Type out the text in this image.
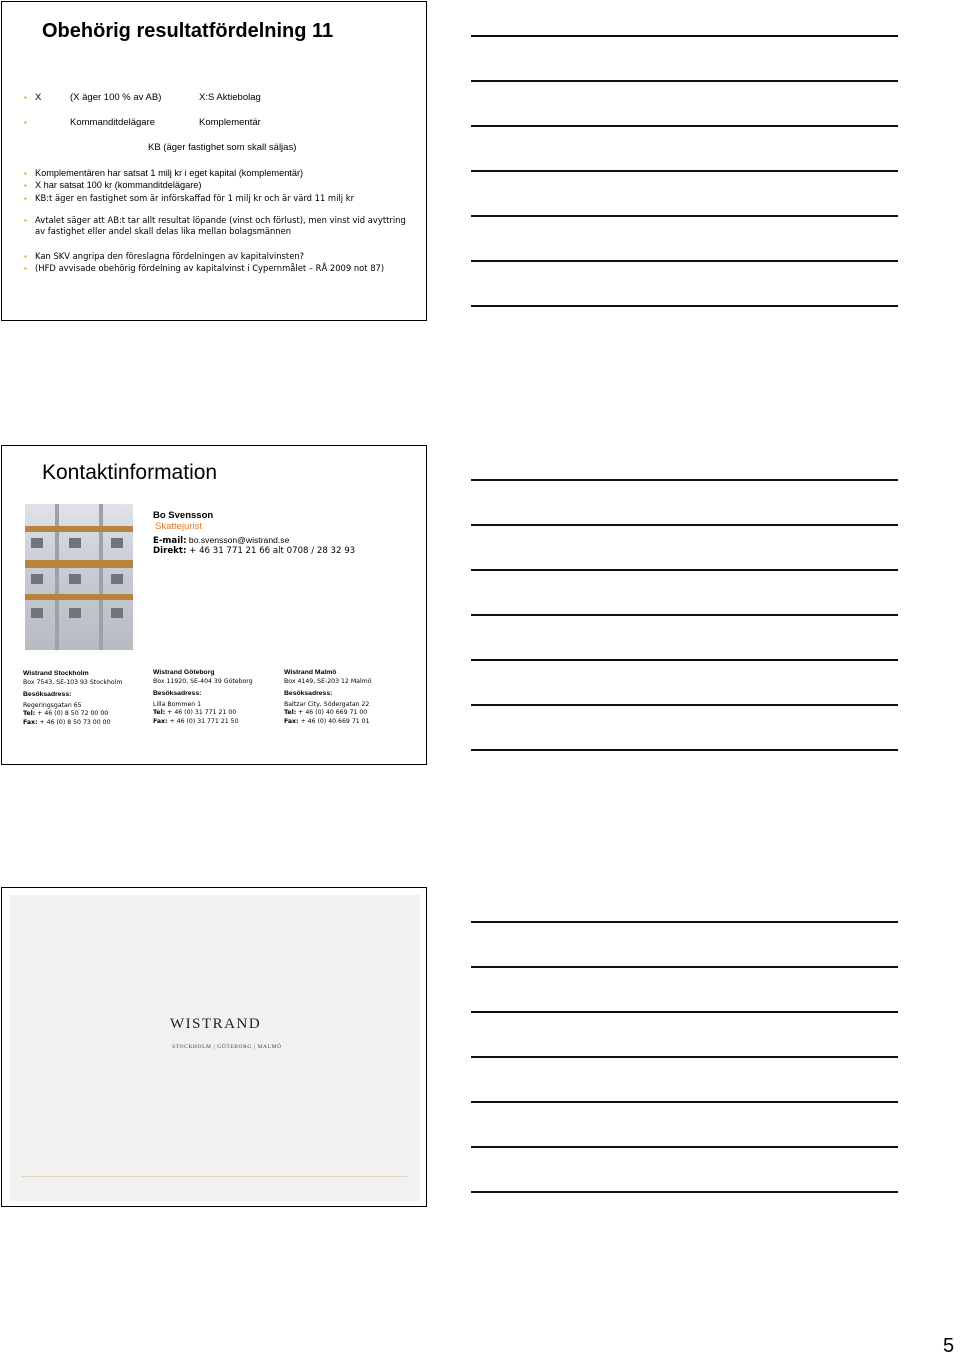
Obehörig resultatfördelning 11
▪ X	(X äger 100 % av AB)	X:S Aktiebolag
▪	Kommanditdelägare	Komplementär
KB (äger fastighet som skall säljas)
▪ Komplementären har satsat 1 milj kr i eget kapital (komplementär)
▪ X har satsat 100 kr (kommanditdelägare)
▪ KB:t äger en fastighet som är införskaffad för 1 milj kr och är värd 11 milj kr
▪ Avtalet säger att AB:t tar allt resultat löpande (vinst och förlust), men vinst vid avyttring av fastighet eller andel skall delas lika mellan bolagsmännen
▪ Kan SKV angripa den föreslagna fördelningen av kapitalvinsten?
▪ (HFD avvisade obehörig fördelning av kapitalvinst i Cypernmålet – RÅ 2009 not 87)
Kontaktinformation
Bo Svensson
Skattejurist
E-mail: bo.svensson@wistrand.se
Direkt: + 46 31 771 21 66 alt 0708 / 28 32 93
Wistrand Stockholm
Box 7543, SE-103 93 Stockholm
Besöksadress:
Regeringsgatan 65
Tel: + 46 (0) 8 50 72 00 00
Fax: + 46 (0) 8 50 73 00 00
Wistrand Göteborg
Box 11920, SE-404 39 Göteborg
Besöksadress:
Lilla Bommen 1
Tel: + 46 (0) 31 771 21 00
Fax: + 46 (0) 31 771 21 50
Wistrand Malmö
Box 4149, SE-203 12 Malmö
Besöksadress:
Baltzar City, Södergatan 22
Tel: + 46 (0) 40 669 71 00
Fax: + 46 (0) 40 669 71 01
WISTRAND
STOCKHOLM | GÖTEBORG | MALMÖ
5
